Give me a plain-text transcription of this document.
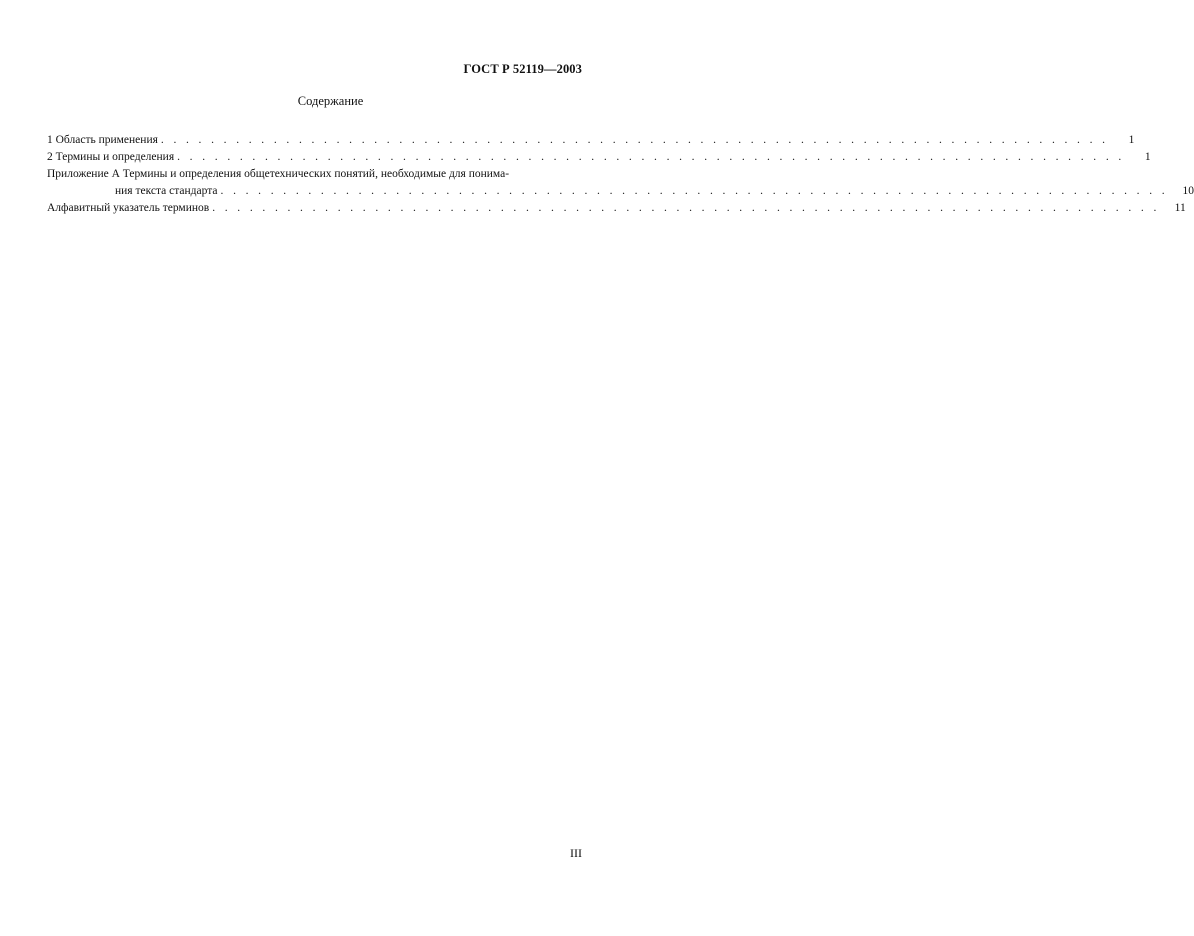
ГОСТ Р 52119—2003
Содержание
1 Область применения . . . . . . . . . . . . . . . . . . . . . . . . . . . . . . . . . . . . . . . . . . . . . . . . . . . . . . . . . . . . . . . . . . . . . . . . . . . .	1
2 Термины и определения . . . . . . . . . . . . . . . . . . . . . . . . . . . . . . . . . . . . . . . . . . . . . . . . . . . . . . . . . . . . . . . . . . . . . . . . . . . .	1
Приложение А Термины и определения общетехнических понятий, необходимые для понима-
ния текста стандарта . . . . . . . . . . . . . . . . . . . . . . . . . . . . . . . . . . . . . . . . . . . . . . . . . . . . . . . . . . . . . . . . . . . . . . . . . . . .	10
Алфавитный указатель терминов . . . . . . . . . . . . . . . . . . . . . . . . . . . . . . . . . . . . . . . . . . . . . . . . . . . . . . . . . . . . . . . . . . . . . . . . . . . .	11
III
